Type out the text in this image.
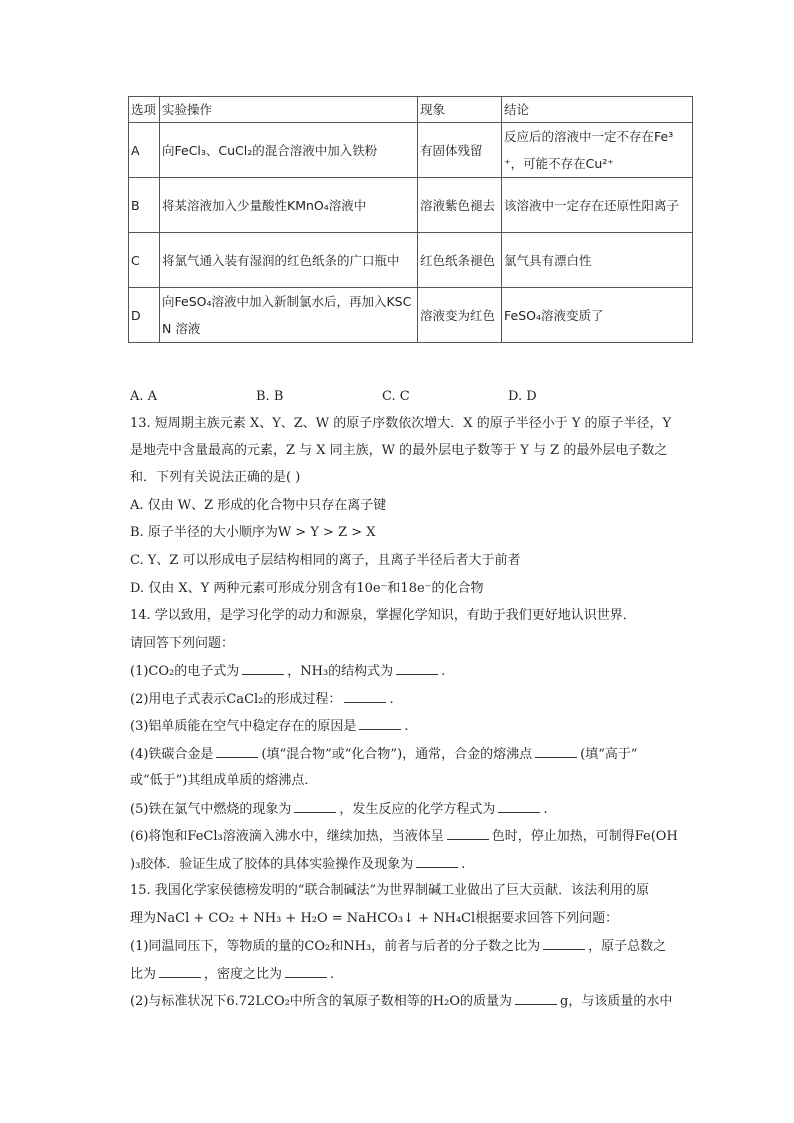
选项	实验操作	现象	结论
A	向FeCl₃、CuCl₂的混合溶液中加入铁粉	有固体残留	反应后的溶液中一定不存在Fe³⁺，可能不存在Cu²⁺
B	将某溶液加入少量酸性KMnO₄溶液中	溶液紫色褪去	该溶液中一定存在还原性阳离子
C	将氯气通入装有湿润的红色纸条的广口瓶中	红色纸条褪色	氯气具有漂白性
D	向FeSO₄溶液中加入新制氯水后，再加入KSCN 溶液	溶液变为红色	FeSO₄溶液变质了
A. A	B. B	C. C	D. D
13. 短周期主族元素 X、Y、Z、W 的原子序数依次增大．X 的原子半径小于 Y 的原子半径，Y
是地壳中含量最高的元素，Z 与 X 同主族，W 的最外层电子数等于 Y 与 Z 的最外层电子数之
和．下列有关说法正确的是( )
A. 仅由 W、Z 形成的化合物中只存在离子键
B. 原子半径的大小顺序为W > Y > Z > X
C. Y、Z 可以形成电子层结构相同的离子，且离子半径后者大于前者
D. 仅由 X、Y 两种元素可形成分别含有10e⁻和18e⁻的化合物
14. 学以致用，是学习化学的动力和源泉，掌握化学知识，有助于我们更好地认识世界．
请回答下列问题：
(1)CO₂的电子式为	，NH₃的结构式为	.
(2)用电子式表示CaCl₂的形成过程：	.
(3)铝单质能在空气中稳定存在的原因是	.
(4)铁碳合金是	(填“混合物”或“化合物”)，通常，合金的熔沸点	(填“高于”
或“低于”)其组成单质的熔沸点．
(5)铁在氯气中燃烧的现象为	，发生反应的化学方程式为	.
(6)将饱和FeCl₃溶液滴入沸水中，继续加热，当液体呈	色时，停止加热，可制得Fe(OH
)₃胶体．验证生成了胶体的具体实验操作及现象为	.
15. 我国化学家侯德榜发明的“联合制碱法”为世界制碱工业做出了巨大贡献．该法利用的原
理为NaCl + CO₂ + NH₃ + H₂O = NaHCO₃↓ + NH₄Cl根据要求回答下列问题：
(1)同温同压下，等物质的量的CO₂和NH₃，前者与后者的分子数之比为	，原子总数之
比为	，密度之比为	.
(2)与标准状况下6.72LCO₂中所含的氧原子数相等的H₂O的质量为	g，与该质量的水中
